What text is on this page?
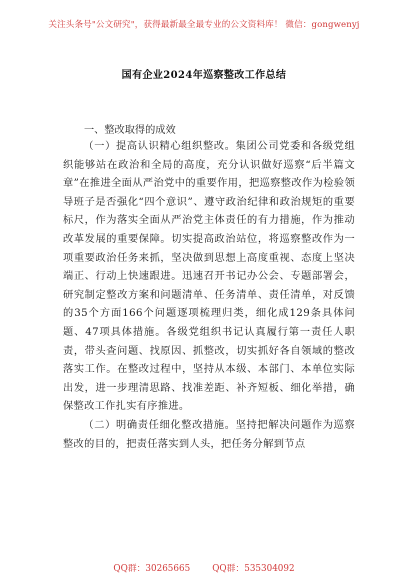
关注头条号"公文研究"，获得最新最全最专业的公文资料库！ 微信：gongwenyj
国有企业2024年巡察整改工作总结
一、整改取得的成效

（一）提高认识精心组织整改。集团公司党委和各级党组织能够站在政治和全局的高度，充分认识做好巡察“后半篇文章”在推进全面从严治党中的重要作用，把巡察整改作为检验领导班子是否强化“四个意识”、遵守政治纪律和政治规矩的重要标尺，作为落实全面从严治党主体责任的有力措施，作为推动改革发展的重要保障。切实提高政治站位，将巡察整改作为一项重要政治任务来抓，坚决做到思想上高度重视、态度上坚决端正、行动上快速跟进。迅速召开书记办公会、专题部署会，研究制定整改方案和问题清单、任务清单、责任清单，对反馈的35个方面166个问题逐项梳理归类，细化成129条具体问题、47项具体措施。各级党组织书记认真履行第一责任人职责，带头查问题、找原因、抓整改，切实抓好各自领域的整改落实工作。在整改过程中，坚持从本级、本部门、本单位实际出发，进一步理清思路、找准差距、补齐短板、细化举措，确保整改工作扎实有序推进。

（二）明确责任细化整改措施。坚持把解决问题作为巡察整改的目的，把责任落实到人头，把任务分解到节点

QQ群：30265665	QQ群：535304092
